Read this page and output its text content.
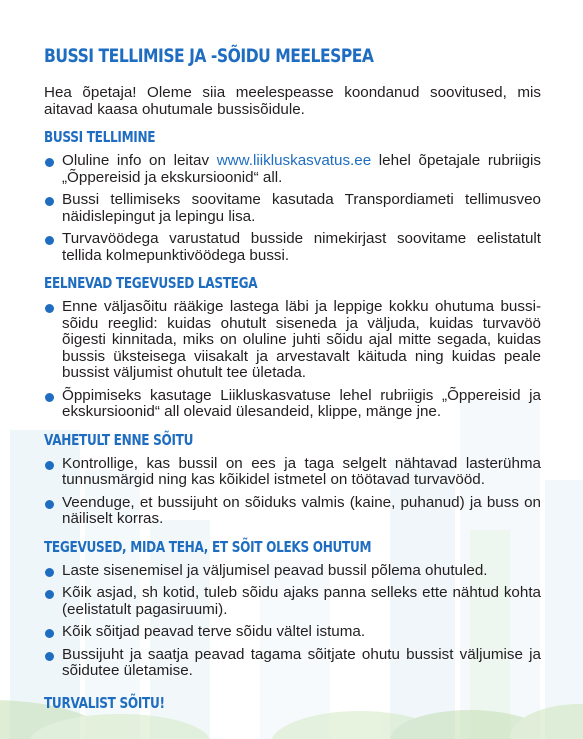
BUSSI TELLIMISE JA -SÕIDU MEELESPEA

Hea õpetaja! Oleme siia meelespeasse koondanud soovitused, mis aitavad kaasa ohutumale bussisõidule.

BUSSI TELLIMINE
Oluline info on leitav www.liikluskasvatus.ee lehel õpetajale rubriigis „Õppereisid ja ekskursioonid“ all.
Bussi tellimiseks soovitame kasutada Transpordiameti tellimusveo näidislepingut ja lepingu lisa.
Turvavöödega varustatud busside nimekirjast soovitame eelistatult tellida kolmepunktivöödega bussi.
EELNEVAD TEGEVUSED LASTEGA
Enne väljasõitu rääkige lastega läbi ja leppige kokku ohutuma bussi-sõidu reeglid: kuidas ohutult siseneda ja väljuda, kuidas turvavöö õigesti kinnitada, miks on oluline juhti sõidu ajal mitte segada, kuidas bussis üksteisega viisakalt ja arvestavalt käituda ning kuidas peale bussist väljumist ohutult tee ületada.
Õppimiseks kasutage Liikluskasvatuse lehel rubriigis „Õppereisid ja ekskursioonid“ all olevaid ülesandeid, klippe, mänge jne.
VAHETULT ENNE SÕITU
Kontrollige, kas bussil on ees ja taga selgelt nähtavad lasterühma tunnusmärgid ning kas kõikidel istmetel on töötavad turvavööd.
Veenduge, et bussijuht on sõiduks valmis (kaine, puhanud) ja buss on näiliselt korras.
TEGEVUSED, MIDA TEHA, ET SÕIT OLEKS OHUTUM
Laste sisenemisel ja väljumisel peavad bussil põlema ohutuled.
Kõik asjad, sh kotid, tuleb sõidu ajaks panna selleks ette nähtud kohta (eelistatult pagasiruumi).
Kõik sõitjad peavad terve sõidu vältel istuma.
Bussijuht ja saatja peavad tagama sõitjate ohutu bussist väljumise ja sõidutee ületamise.
TURVALIST SÕITU!
